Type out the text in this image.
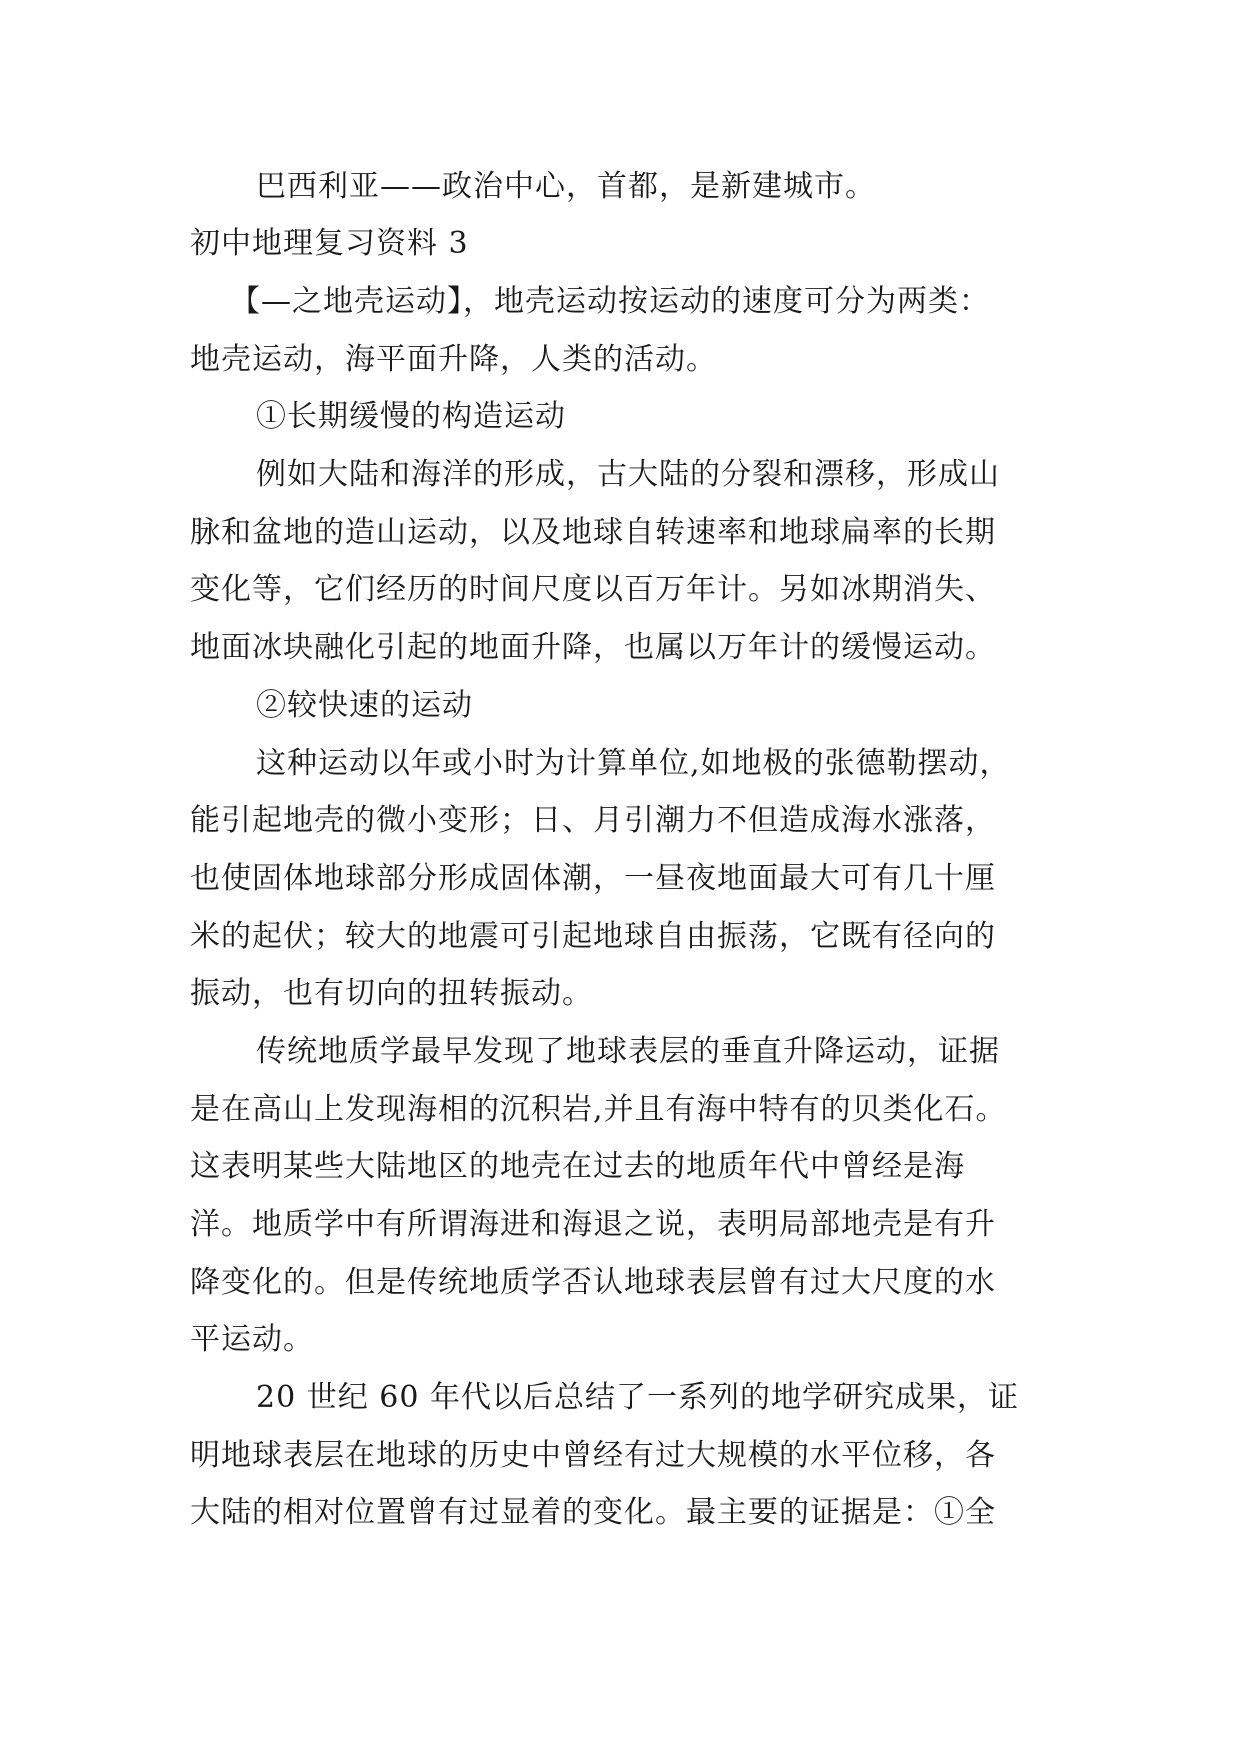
巴西利亚——政治中心，首都，是新建城市。
初中地理复习资料 3
【—之地壳运动】，地壳运动按运动的速度可分为两类：
地壳运动，海平面升降，人类的活动。
①长期缓慢的构造运动
例如大陆和海洋的形成，古大陆的分裂和漂移，形成山
脉和盆地的造山运动，以及地球自转速率和地球扁率的长期
变化等，它们经历的时间尺度以百万年计。另如冰期消失、
地面冰块融化引起的地面升降，也属以万年计的缓慢运动。
②较快速的运动
这种运动以年或小时为计算单位,如地极的张德勒摆动，
能引起地壳的微小变形；日、月引潮力不但造成海水涨落，
也使固体地球部分形成固体潮，一昼夜地面最大可有几十厘
米的起伏；较大的地震可引起地球自由振荡，它既有径向的
振动，也有切向的扭转振动。
传统地质学最早发现了地球表层的垂直升降运动，证据
是在高山上发现海相的沉积岩,并且有海中特有的贝类化石。
这表明某些大陆地区的地壳在过去的地质年代中曾经是海
洋。地质学中有所谓海进和海退之说，表明局部地壳是有升
降变化的。但是传统地质学否认地球表层曾有过大尺度的水
平运动。
20 世纪 60 年代以后总结了一系列的地学研究成果，证
明地球表层在地球的历史中曾经有过大规模的水平位移，各
大陆的相对位置曾有过显着的变化。最主要的证据是：①全
